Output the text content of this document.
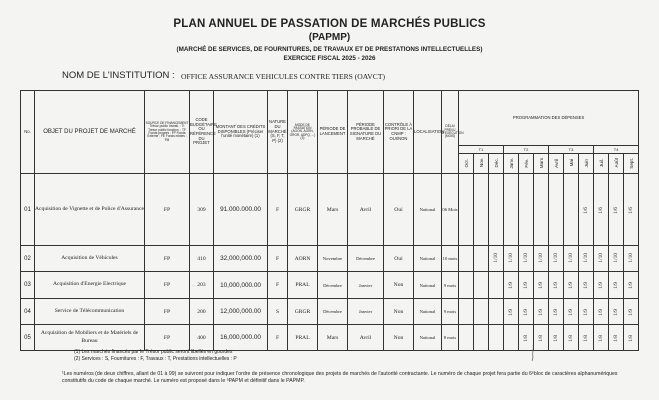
PLAN ANNUEL DE PASSATION DE MARCHÉS PUBLICS
(PAPMP)
(MARCHÉ DE SERVICES, DE FOURNITURES, DE TRAVAUX ET DE PRESTATIONS INTELLECTUELLES)
EXERCICE FISCAL 2025 - 2026
NOM DE L'INSTITUTION : OFFICE ASSURANCE VEHICULES CONTRE TIERS (OAVCT)
No.	OBJET DU PROJET DE MARCHÉ	SOURCE DE FINANCEMENT Trésor public Investi. : TI Trésor public fonction. : TF Fonds propres : FP Fonds Externe : FE Fonds mixtes : FM	CODE BUDGÉTAIRE OU RÉFÉRENCE DU PROJET	MONTANT DES CRÉDITS DISPONIBLES (Préciser l'unité monétaire) (1)	NATURE DU MARCHÉ (S, F, T, P) (2)	MODE DE PASSATION (AOON, AORN, GRGR, ADPQ, ...) (3)	PÉRIODE DE LANCEMENT	PÉRIODE PROBABLE DE SIGNATURE DU MARCHÉ	CONTRÔLE À PRIORI DE LA CNMP : OUI/NON	LOCALISATION	DÉLAI PRÉVU D'EXÉCUTION (MOIS)	PROGRAMMATION DES DÉPENSES											
												T1			T2			T3			T4		
												Oct.	Nov.	Déc.	Janv.	Fév.	Mars	Avril	Mai	Juin	Juil.	Août	Sept.
01	Acquisition de Vignette et de Police d'Assurance	FP	309	91.000.000.00	F	GRGR	Mars	Avril	Oui	National	06 Mois									1/6	1/6	1/6	1/6
02	Acquisition de Véhicules	FP	410	32,000,000.00	F	AORN	Novembre	Décembre	Oui	National	10 mois			1/10	1/10	1/10	1/10	1/10	1/10	1/10	1/10	1/10	1/10
03	Acquisition d'Energie Electrique	FP	203	10,000,000.00	F	PRAL	Décembre	Janvier	Non	National	9 mois				1/9	1/9	1/9	1/9	1/9	1/9	1/9	1/9	1/9
04	Service de Télécommunication	FP	200	12,000,000.00	S	GRGR	Décembre	Janvier	Non	National	9 mois				1/9	1/9	1/9	1/9	1/9	1/9	1/9	1/9	1/9
05	Acquisition de Mobiliers et de Matériels de Bureau	FP	400	16,000,000.00	F	PRAL	Mars	Avril	Non	National	8 mois					1/8	1/8	1/8	1/8	1/8	1/8	1/8	1/8
(1) Les marchés financés par le Trésor public seront libellés en gourdes
(2) Services : S, Fournitures : F, Travaux : T, Prestations intellectuelles : P
¹Les numéros (de deux chiffres, allant de 01 à 99) se suivront pour indiquer l'ordre de présence chronologique des projets de marchés de l'autorité contractante. Le numéro de chaque projet fera partie du 6ᵉbloc de caractères alphanumériques constitutifs du code de chaque marché. Le numéro est proposé dans le ᵃPAPM et définitif dans le PAPMP.
